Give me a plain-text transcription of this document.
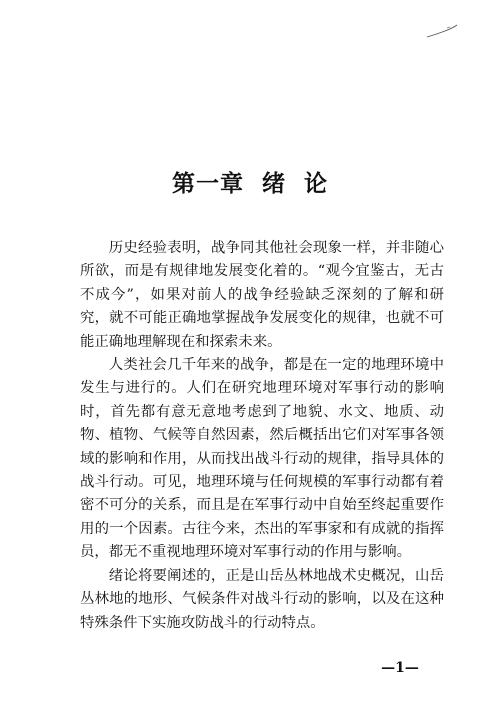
第一章  绪  论

历史经验表明，战争同其他社会现象一样，并非随心所欲，而是有规律地发展变化着的。“观今宜鉴古，无古不成今”，如果对前人的战争经验缺乏深刻的了解和研究，就不可能正确地掌握战争发展变化的规律，也就不可能正确地理解现在和探索未来。

人类社会几千年来的战争，都是在一定的地理环境中发生与进行的。人们在研究地理环境对军事行动的影响时，首先都有意无意地考虑到了地貌、水文、地质、动物、植物、气候等自然因素，然后概括出它们对军事各领域的影响和作用，从而找出战斗行动的规律，指导具体的战斗行动。可见，地理环境与任何规模的军事行动都有着密不可分的关系，而且是在军事行动中自始至终起重要作用的一个因素。古往今来，杰出的军事家和有成就的指挥员，都无不重视地理环境对军事行动的作用与影响。

绪论将要阐述的，正是山岳丛林地战术史概况，山岳丛林地的地形、气候条件对战斗行动的影响，以及在这种特殊条件下实施攻防战斗的行动特点。

—1—
